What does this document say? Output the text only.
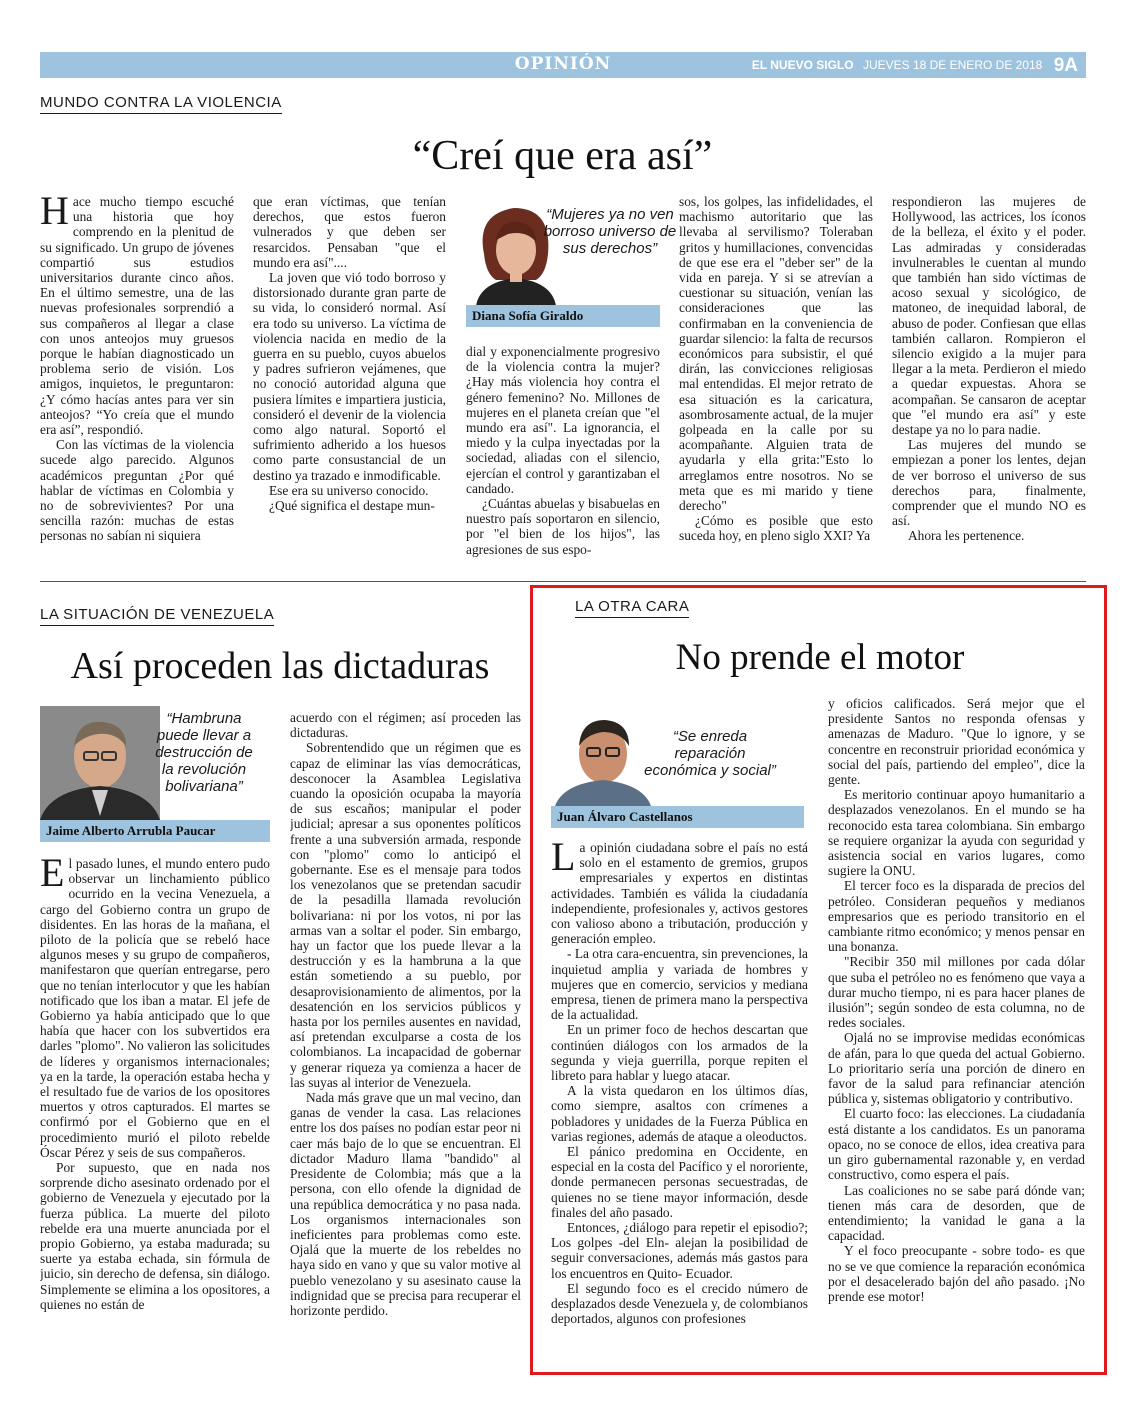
OPINIÓN	EL NUEVO SIGLO JUEVES 18 DE ENERO DE 2018 9A
MUNDO CONTRA LA VIOLENCIA
“Creí que era así”

Hace mucho tiempo escuché una historia que hoy comprendo en la plenitud de su significado. Un grupo de jóvenes compartió sus estudios universitarios durante cinco años. En el último semestre, una de las nuevas profesionales sorprendió a sus compañeros al llegar a clase con unos anteojos muy gruesos porque le habían diagnosticado un problema serio de visión. Los amigos, inquietos, le preguntaron: ¿Y cómo hacías antes para ver sin anteojos? “Yo creía que el mundo era así”, respondió.

Con las víctimas de la violencia sucede algo parecido. Algunos académicos preguntan ¿Por qué hablar de víctimas en Colombia y no de sobrevivientes? Por una sencilla razón: muchas de estas personas no sabían ni siquiera

que eran víctimas, que tenían derechos, que estos fueron vulnerados y que deben ser resarcidos. Pensaban "que el mundo era así"....

La joven que vió todo borroso y distorsionado durante gran parte de su vida, lo consideró normal. Así era todo su universo. La víctima de violencia nacida en medio de la guerra en su pueblo, cuyos abuelos y padres sufrieron vejámenes, que no conoció autoridad alguna que pusiera límites e impartiera justicia, consideró el devenir de la violencia como algo natural. Soportó el sufrimiento adherido a los huesos como parte consustancial de un destino ya trazado e inmodificable.

Ese era su universo conocido.

¿Qué significa el destape mun-

“Mujeres ya no ven borroso universo de sus derechos”
Diana Sofía Giraldo

dial y exponencialmente progresivo de la violencia contra la mujer? ¿Hay más violencia hoy contra el género femenino? No. Millones de mujeres en el planeta creían que "el mundo era así". La ignorancia, el miedo y la culpa inyectadas por la sociedad, aliadas con el silencio, ejercían el control y garantizaban el candado.

¿Cuántas abuelas y bisabuelas en nuestro país soportaron en silencio, por "el bien de los hijos", las agresiones de sus espo-

sos, los golpes, las infidelidades, el machismo autoritario que las llevaba al servilismo? Toleraban gritos y humillaciones, convencidas de que ese era el "deber ser" de la vida en pareja. Y si se atrevían a cuestionar su situación, venían las consideraciones que las confirmaban en la conveniencia de guardar silencio: la falta de recursos económicos para subsistir, el qué dirán, las convicciones religiosas mal entendidas. El mejor retrato de esa situación es la caricatura, asombrosamente actual, de la mujer golpeada en la calle por su acompañante. Alguien trata de ayudarla y ella grita:"Esto lo arreglamos entre nosotros. No se meta que es mi marido y tiene derecho"

¿Cómo es posible que esto suceda hoy, en pleno siglo XXI? Ya

respondieron las mujeres de Hollywood, las actrices, los íconos de la belleza, el éxito y el poder. Las admiradas y consideradas invulnerables le cuentan al mundo que también han sido víctimas de acoso sexual y sicológico, de matoneo, de inequidad laboral, de abuso de poder. Confiesan que ellas también callaron. Rompieron el silencio exigido a la mujer para llegar a la meta. Perdieron el miedo a quedar expuestas. Ahora se acompañan. Se cansaron de aceptar que "el mundo era así" y este destape ya no lo para nadie.

Las mujeres del mundo se empiezan a poner los lentes, dejan de ver borroso el universo de sus derechos para, finalmente, comprender que el mundo NO es así.

Ahora les pertenence.

LA SITUACIÓN DE VENEZUELA
Así proceden las dictaduras
“Hambruna puede llevar a destrucción de la revolución bolivariana”
Jaime Alberto Arrubla Paucar

El pasado lunes, el mundo entero pudo observar un linchamiento público ocurrido en la vecina Venezuela, a cargo del Gobierno contra un grupo de disidentes. En las horas de la mañana, el piloto de la policía que se rebeló hace algunos meses y su grupo de compañeros, manifestaron que querían entregarse, pero que no tenían interlocutor y que les habían notificado que los iban a matar. El jefe de Gobierno ya había anticipado que lo que había que hacer con los subvertidos era darles "plomo". No valieron las solicitudes de líderes y organismos internacionales; ya en la tarde, la operación estaba hecha y el resultado fue de varios de los opositores muertos y otros capturados. El martes se confirmó por el Gobierno que en el procedimiento murió el piloto rebelde Óscar Pérez y seis de sus compañeros.

Por supuesto, que en nada nos sorprende dicho asesinato ordenado por el gobierno de Venezuela y ejecutado por la fuerza pública. La muerte del piloto rebelde era una muerte anunciada por el propio Gobierno, ya estaba madurada; su suerte ya estaba echada, sin fórmula de juicio, sin derecho de defensa, sin diálogo. Simplemente se elimina a los opositores, a quienes no están de

acuerdo con el régimen; así proceden las dictaduras.

Sobrentendido que un régimen que es capaz de eliminar las vías democráticas, desconocer la Asamblea Legislativa cuando la oposición ocupaba la mayoría de sus escaños; manipular el poder judicial; apresar a sus oponentes políticos frente a una subversión armada, responde con "plomo" como lo anticipó el gobernante. Ese es el mensaje para todos los venezolanos que se pretendan sacudir de la pesadilla llamada revolución bolivariana: ni por los votos, ni por las armas van a soltar el poder. Sin embargo, hay un factor que los puede llevar a la destrucción y es la hambruna a la que están sometiendo a su pueblo, por desaprovisionamiento de alimentos, por la desatención en los servicios públicos y hasta por los perniles ausentes en navidad, así pretendan exculparse a costa de los colombianos. La incapacidad de gobernar y generar riqueza ya comienza a hacer de las suyas al interior de Venezuela.

Nada más grave que un mal vecino, dan ganas de vender la casa. Las relaciones entre los dos países no podían estar peor ni caer más bajo de lo que se encuentran. El dictador Maduro llama "bandido" al Presidente de Colombia; más que a la persona, con ello ofende la dignidad de una república democrática y no pasa nada. Los organismos internacionales son ineficientes para problemas como este. Ojalá que la muerte de los rebeldes no haya sido en vano y que su valor motive al pueblo venezolano y su asesinato cause la indignidad que se precisa para recuperar el horizonte perdido.

LA OTRA CARA
No prende el motor
“Se enreda reparación económica y social”
Juan Álvaro Castellanos

La opinión ciudadana sobre el país no está solo en el estamento de gremios, grupos empresariales y expertos en distintas actividades. También es válida la ciudadanía independiente, profesionales y, activos gestores con valioso abono a tributación, producción y generación empleo.

- La otra cara-encuentra, sin prevenciones, la inquietud amplia y variada de hombres y mujeres que en comercio, servicios y mediana empresa, tienen de primera mano la perspectiva de la actualidad.

En un primer foco de hechos descartan que continúen diálogos con los armados de la segunda y vieja guerrilla, porque repiten el libreto para hablar y luego atacar.

A la vista quedaron en los últimos días, como siempre, asaltos con crímenes a pobladores y unidades de la Fuerza Pública en varias regiones, además de ataque a oleoductos.

El pánico predomina en Occidente, en especial en la costa del Pacífico y el nororiente, donde permanecen personas secuestradas, de quienes no se tiene mayor información, desde finales del año pasado.

Entonces, ¿diálogo para repetir el episodio?; Los golpes -del Eln- alejan la posibilidad de seguir conversaciones, además más gastos para los encuentros en Quito- Ecuador.

El segundo foco es el crecido número de desplazados desde Venezuela y, de colombianos deportados, algunos con profesiones

y oficios calificados. Será mejor que el presidente Santos no responda ofensas y amenazas de Maduro. "Que lo ignore, y se concentre en reconstruir prioridad económica y social del país, partiendo del empleo", dice la gente.

Es meritorio continuar apoyo humanitario a desplazados venezolanos. En el mundo se ha reconocido esta tarea colombiana. Sin embargo se requiere organizar la ayuda con seguridad y asistencia social en varios lugares, como sugiere la ONU.

El tercer foco es la disparada de precios del petróleo. Consideran pequeños y medianos empresarios que es periodo transitorio en el cambiante ritmo económico; y menos pensar en una bonanza.

"Recibir 350 mil millones por cada dólar que suba el petróleo no es fenómeno que vaya a durar mucho tiempo, ni es para hacer planes de ilusión"; según sondeo de esta columna, no de redes sociales.

Ojalá no se improvise medidas económicas de afán, para lo que queda del actual Gobierno. Lo prioritario sería una porción de dinero en favor de la salud para refinanciar atención pública y, sistemas obligatorio y contributivo.

El cuarto foco: las elecciones. La ciudadanía está distante a los candidatos. Es un panorama opaco, no se conoce de ellos, idea creativa para un giro gubernamental razonable y, en verdad constructivo, como espera el país.

Las coaliciones no se sabe pará dónde van; tienen más cara de desorden, que de entendimiento; la vanidad le gana a la capacidad.

Y el foco preocupante - sobre todo- es que no se ve que comience la reparación económica por el desacelerado bajón del año pasado. ¡No prende ese motor!
